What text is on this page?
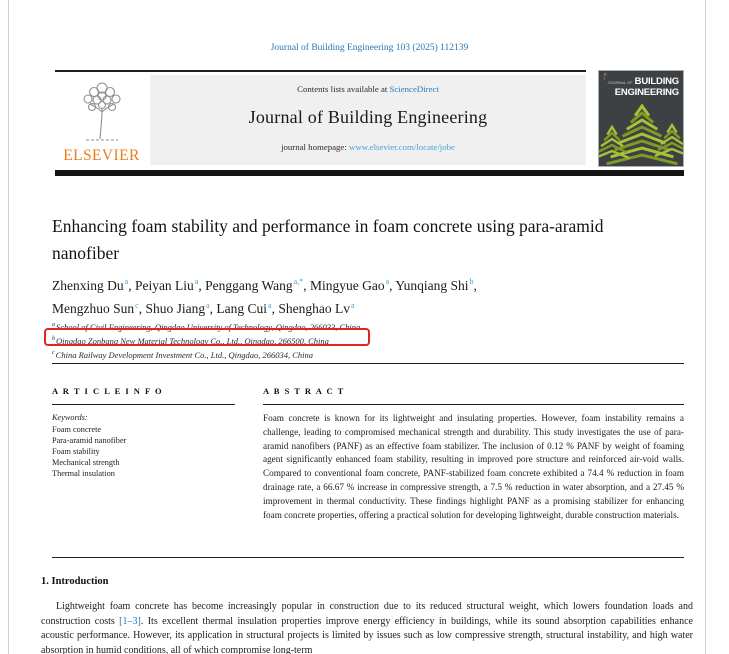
Journal of Building Engineering 103 (2025) 112139
ELSEVIER
Contents lists available at ScienceDirect
Journal of Building Engineering
journal homepage: www.elsevier.com/locate/jobe
✳
⌇
JOURNAL OF BUILDING
ENGINEERING
Enhancing foam stability and performance in foam concrete using para-aramid nanofiber
Zhenxing Du$^a$, Peiyan Liu$^a$, Penggang Wang$^{a,*}$, Mingyue Gao$^a$, Yunqiang Shi$^b$,
Mengzhuo Sun$^c$, Shuo Jiang$^a$, Lang Cui$^a$, Shenghao Lv$^a$
$^a$School of Civil Engineering, Qingdao University of Technology, Qingdao, 266033, China
$^b$Qingdao Zonbang New Material Technology Co., Ltd., Qingdao, 266500, China
$^c$China Railway Development Investment Co., Ltd., Qingdao, 266034, China
A R T I C L E I N F O
Keywords:
Foam concrete
Para-aramid nanofiber
Foam stability
Mechanical strength
Thermal insulation
A B S T R A C T
Foam concrete is known for its lightweight and insulating properties. However, foam instability remains a challenge, leading to compromised mechanical strength and durability. This study investigates the use of para-aramid nanofibers (PANF) as an effective foam stabilizer. The inclusion of 0.12 % PANF by weight of foaming agent significantly enhanced foam stability, resulting in improved pore structure and reinforced air-void walls. Compared to conventional foam concrete, PANF-stabilized foam concrete exhibited a 74.4 % reduction in foam drainage rate, a 66.67 % increase in compressive strength, a 7.5 % reduction in water absorption, and a 27.45 % improvement in thermal conductivity. These findings highlight PANF as a promising stabilizer for enhancing foam concrete properties, offering a practical solution for developing lightweight, durable construction materials.
1. Introduction
Lightweight foam concrete has become increasingly popular in construction due to its reduced structural weight, which lowers foundation loads and construction costs [1–3]. Its excellent thermal insulation properties improve energy efficiency in buildings, while its sound absorption capabilities enhance acoustic performance. However, its application in structural projects is limited by issues such as low compressive strength, structural instability, and high water absorption in humid conditions, all of which compromise long-term
